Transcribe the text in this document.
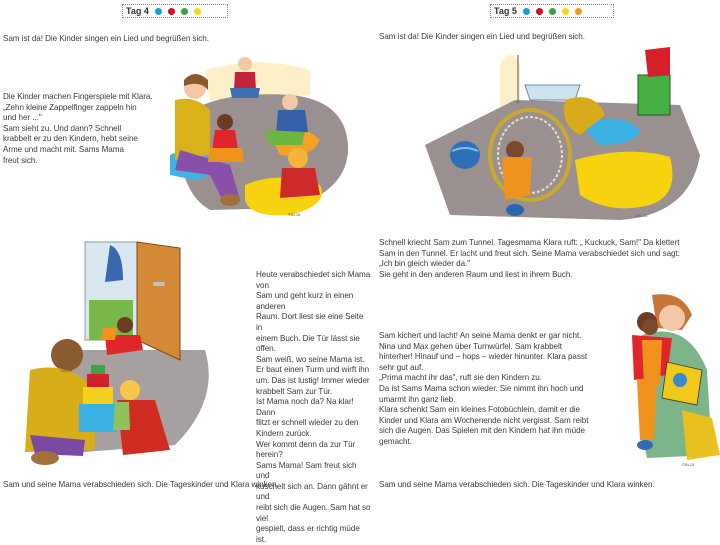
Tag 4
Sam ist da! Die Kinder singen ein Lied und begrüßen sich.
Die Kinder machen Fingerspiele mit Klara.
„Zehn kleine Zappelfinger zappeln hin
und her ..."
Sam sieht zu. Und dann? Schnell
krabbelt er zu den Kindern, hebt seine
Arme und macht mit. Sams Mama
freut sich.
©BL15
©BL15
Heute verabschiedet sich Mama von
Sam und geht kurz in einen anderen
Raum. Dort liest sie eine Seite in
einem Buch. Die Tür lässt sie offen.
Sam weiß, wo seine Mama ist.
Er baut einen Turm und wirft ihn
um. Das ist lustig! Immer wieder
krabbelt Sam zur Tür.
Ist Mama noch da? Na klar! Dann
flitzt er schnell wieder zu den
Kindern zurück.
Wer kommt denn da zur Tür herein?
Sams Mama! Sam freut sich und
kuschelt sich an. Dann gähnt er und
reibt sich die Augen. Sam hat so viel
gespielt, dass er richtig müde ist.
Sam und seine Mama verabschieden sich. Die Tageskinder und Klara winken.
Tag 5
Sam ist da! Die Kinder singen ein Lied und begrüßen sich.
©BL15
Schnell kriecht Sam zum Tunnel. Tagesmama Klara ruft: „ Kuckuck, Sam!" Da klettert
Sam in den Tunnel. Er lacht und freut sich. Seine Mama verabschiedet sich und sagt:
„Ich bin gleich wieder da."
Sie geht in den anderen Raum und liest in ihrem Buch.
Sam kichert und lacht! An seine Mama denkt er gar nicht.
Nina und Max gehen über Turnwürfel. Sam krabbelt
hinterher! Hinauf und – hops – wieder hinunter. Klara passt
sehr gut auf.
„Prima macht ihr das", ruft sie den Kindern zu.
Da ist Sams Mama schon wieder. Sie nimmt ihn hoch und
umarmt ihn ganz lieb.
Klara schenkt Sam ein kleines Fotobüchlein, damit er die
Kinder und Klara am Wochenende nicht vergisst. Sam reibt
sich die Augen. Das Spielen mit den Kindern hat ihn müde
gemacht.
©BL15
Sam und seine Mama verabschieden sich. Die Tageskinder und Klara winken.
